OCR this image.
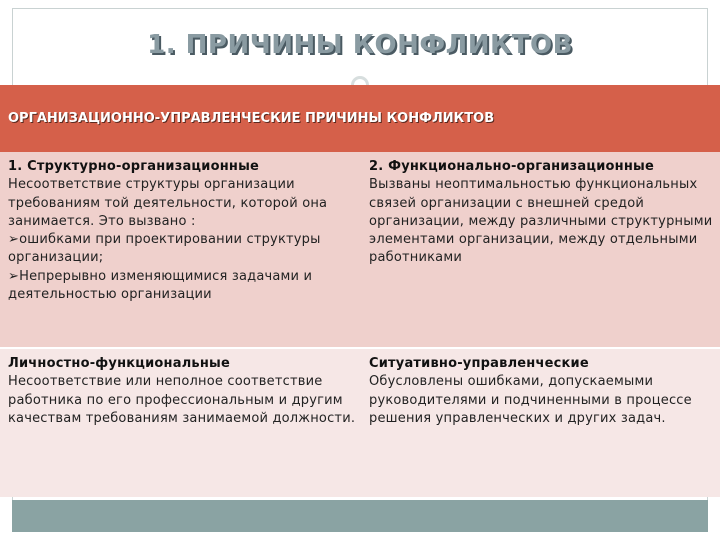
1. ПРИЧИНЫ КОНФЛИКТОВ
ОРГАНИЗАЦИОННО-УПРАВЛЕНЧЕСКИЕ ПРИЧИНЫ КОНФЛИКТОВ
1. Структурно-организационные
Несоответствие структуры организации требованиям той деятельности, которой она занимается. Это вызвано :
➢ошибками при проектировании структуры организации;
➢Непрерывно изменяющимися задачами и деятельностью организации
2. Функционально-организационные
Вызваны неоптимальностью функциональных связей организации с внешней средой организации, между различными структурными элементами организации, между отдельными работниками
Личностно-функциональные
Несоответствие или неполное соответствие работника по его профессиональным и другим качествам требованиям занимаемой должности.
Ситуативно-управленческие
Обусловлены ошибками, допускаемыми руководителями и подчиненными в процессе решения управленческих и других задач.
